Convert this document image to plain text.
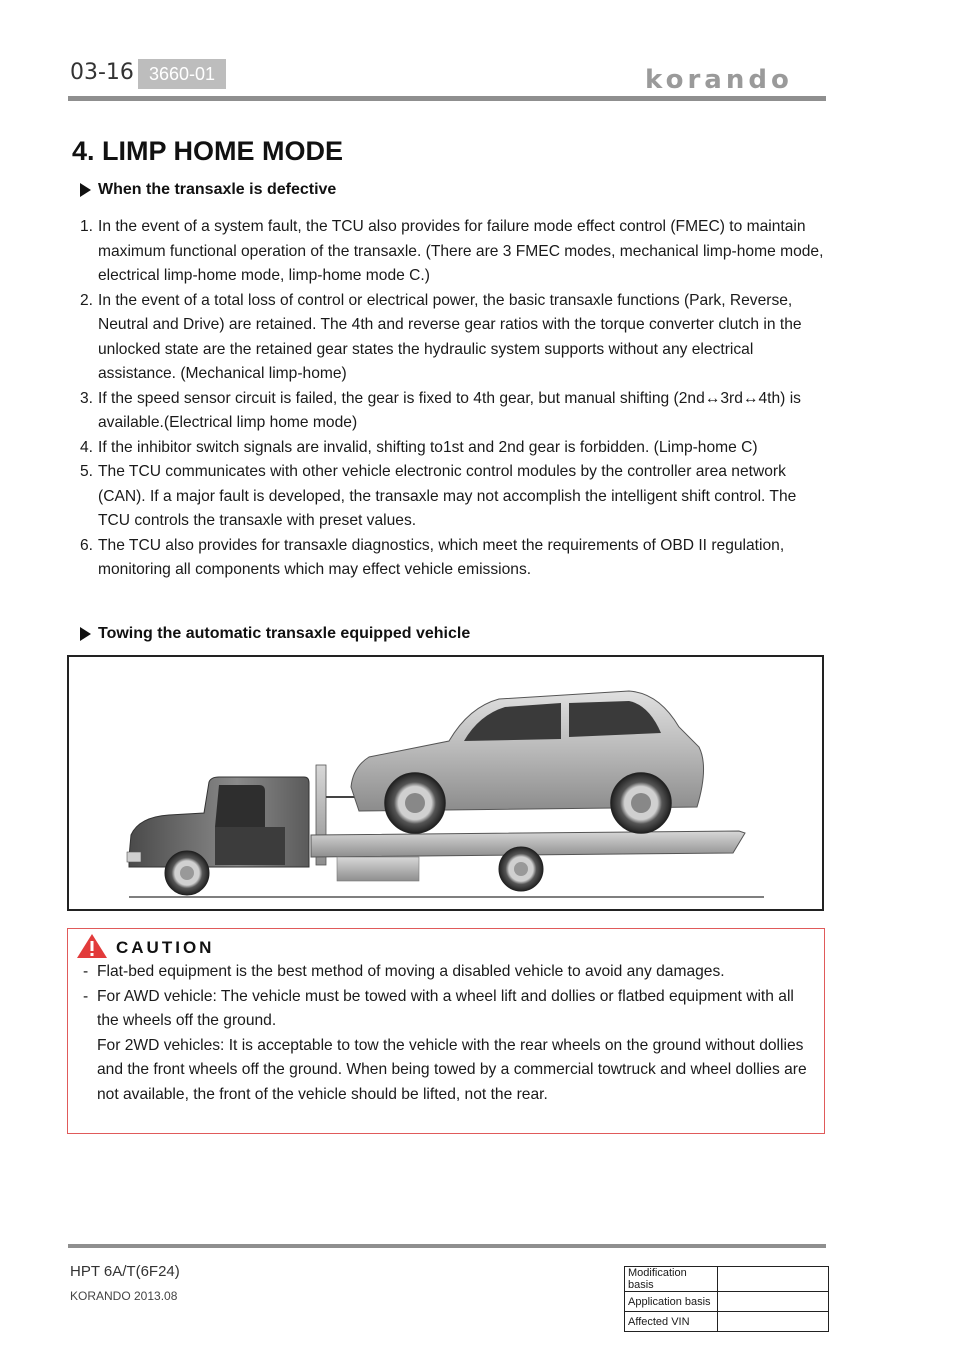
03-16 3660-01	korando
4. LIMP HOME MODE
When the transaxle is defective
1. In the event of a system fault, the TCU also provides for failure mode effect control (FMEC) to maintain maximum functional operation of the transaxle. (There are 3 FMEC modes, mechanical limp-home mode, electrical limp-home mode, limp-home mode C.)
2. In the event of a total loss of control or electrical power, the basic transaxle functions (Park, Reverse, Neutral and Drive) are retained. The 4th and reverse gear ratios with the torque converter clutch in the unlocked state are the retained gear states the hydraulic system supports without any electrical assistance. (Mechanical limp-home)
3. If the speed sensor circuit is failed, the gear is fixed to 4th gear, but manual shifting (2nd↔3rd↔4th) is available.(Electrical limp home mode)
4. If the inhibitor switch signals are invalid, shifting to1st and 2nd gear is forbidden. (Limp-home C)
5. The TCU communicates with other vehicle electronic control modules by the controller area network (CAN). If a major fault is developed, the transaxle may not accomplish the intelligent shift control. The TCU controls the transaxle with preset values.
6. The TCU also provides for transaxle diagnostics, which meet the requirements of OBD II regulation, monitoring all components which may effect vehicle emissions.
Towing the automatic transaxle equipped vehicle
CAUTION
- Flat-bed equipment is the best method of moving a disabled vehicle to avoid any damages.
- For AWD vehicle: The vehicle must be towed with a wheel lift and dollies or flatbed equipment with all the wheels off the ground.
For 2WD vehicles: It is acceptable to tow the vehicle with the rear wheels on the ground without dollies and the front wheels off the ground. When being towed by a commercial towtruck and wheel dollies are not available, the front of the vehicle should be lifted, not the rear.
HPT 6A/T(6F24)
KORANDO 2013.08
Modification basis	
Application basis	
Affected VIN	
